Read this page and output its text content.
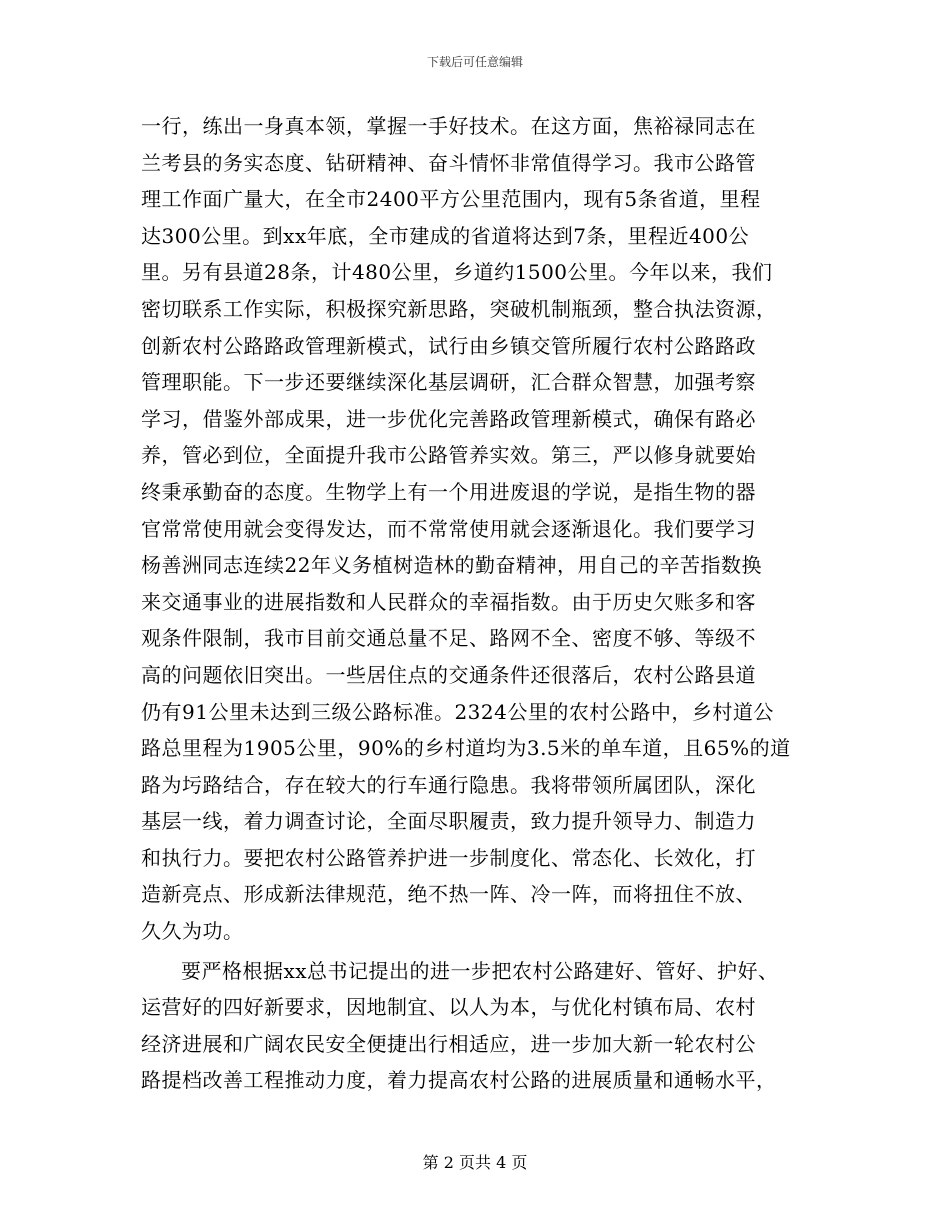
下载后可任意编辑
一行，练出一身真本领，掌握一手好技术。在这方面，焦裕禄同志在
兰考县的务实态度、钻研精神、奋斗情怀非常值得学习。我市公路管
理工作面广量大，在全市2400平方公里范围内，现有5条省道，里程
达300公里。到xx年底，全市建成的省道将达到7条，里程近400公
里。另有县道28条，计480公里，乡道约1500公里。今年以来，我们
密切联系工作实际，积极探究新思路，突破机制瓶颈，整合执法资源，
创新农村公路路政管理新模式，试行由乡镇交管所履行农村公路路政
管理职能。下一步还要继续深化基层调研，汇合群众智慧，加强考察
学习，借鉴外部成果，进一步优化完善路政管理新模式，确保有路必
养，管必到位，全面提升我市公路管养实效。第三，严以修身就要始
终秉承勤奋的态度。生物学上有一个用进废退的学说，是指生物的器
官常常使用就会变得发达，而不常常使用就会逐渐退化。我们要学习
杨善洲同志连续22年义务植树造林的勤奋精神，用自己的辛苦指数换
来交通事业的进展指数和人民群众的幸福指数。由于历史欠账多和客
观条件限制，我市目前交通总量不足、路网不全、密度不够、等级不
高的问题依旧突出。一些居住点的交通条件还很落后，农村公路县道
仍有91公里未达到三级公路标准。2324公里的农村公路中，乡村道公
路总里程为1905公里，90%的乡村道均为3.5米的单车道，且65%的道
路为圬路结合，存在较大的行车通行隐患。我将带领所属团队，深化
基层一线，着力调查讨论，全面尽职履责，致力提升领导力、制造力
和执行力。要把农村公路管养护进一步制度化、常态化、长效化，打
造新亮点、形成新法律规范，绝不热一阵、冷一阵，而将扭住不放、
久久为功。
要严格根据xx总书记提出的进一步把农村公路建好、管好、护好、
运营好的四好新要求，因地制宜、以人为本，与优化村镇布局、农村
经济进展和广阔农民安全便捷出行相适应，进一步加大新一轮农村公
路提档改善工程推动力度，着力提高农村公路的进展质量和通畅水平，
第 2 页共 4 页
